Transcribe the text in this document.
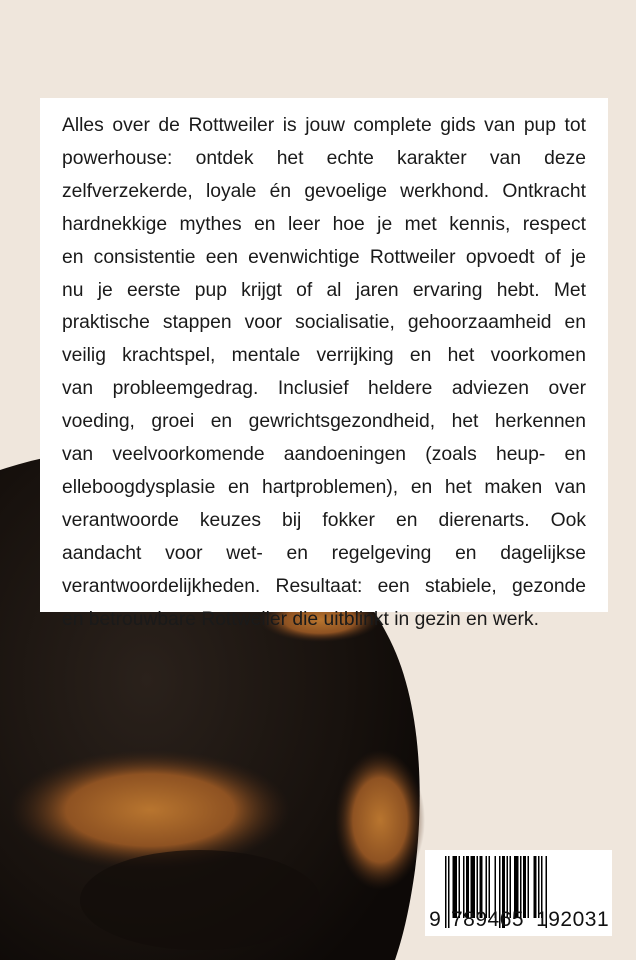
Alles over de Rottweiler is jouw complete gids van pup tot
powerhouse: ontdek het echte karakter van deze
zelfverzekerde, loyale én gevoelige werkhond. Ontkracht
hardnekkige mythes en leer hoe je met kennis, respect
en consistentie een evenwichtige Rottweiler opvoedt of je
nu je eerste pup krijgt of al jaren ervaring hebt. Met
praktische stappen voor socialisatie, gehoorzaamheid en
veilig krachtspel, mentale verrijking en het voorkomen
van probleemgedrag. Inclusief heldere adviezen over
voeding, groei en gewrichtsgezondheid, het herkennen
van veelvoorkomende aandoeningen (zoals heup- en
elleboogdysplasie en hartproblemen), en het maken van
verantwoorde keuzes bij fokker en dierenarts. Ook
aandacht voor wet- en regelgeving en dagelijkse
verantwoordelijkheden. Resultaat: een stabiele, gezonde
en betrouwbare Rottweiler die uitblinkt in gezin en werk.
9 789465 192031
